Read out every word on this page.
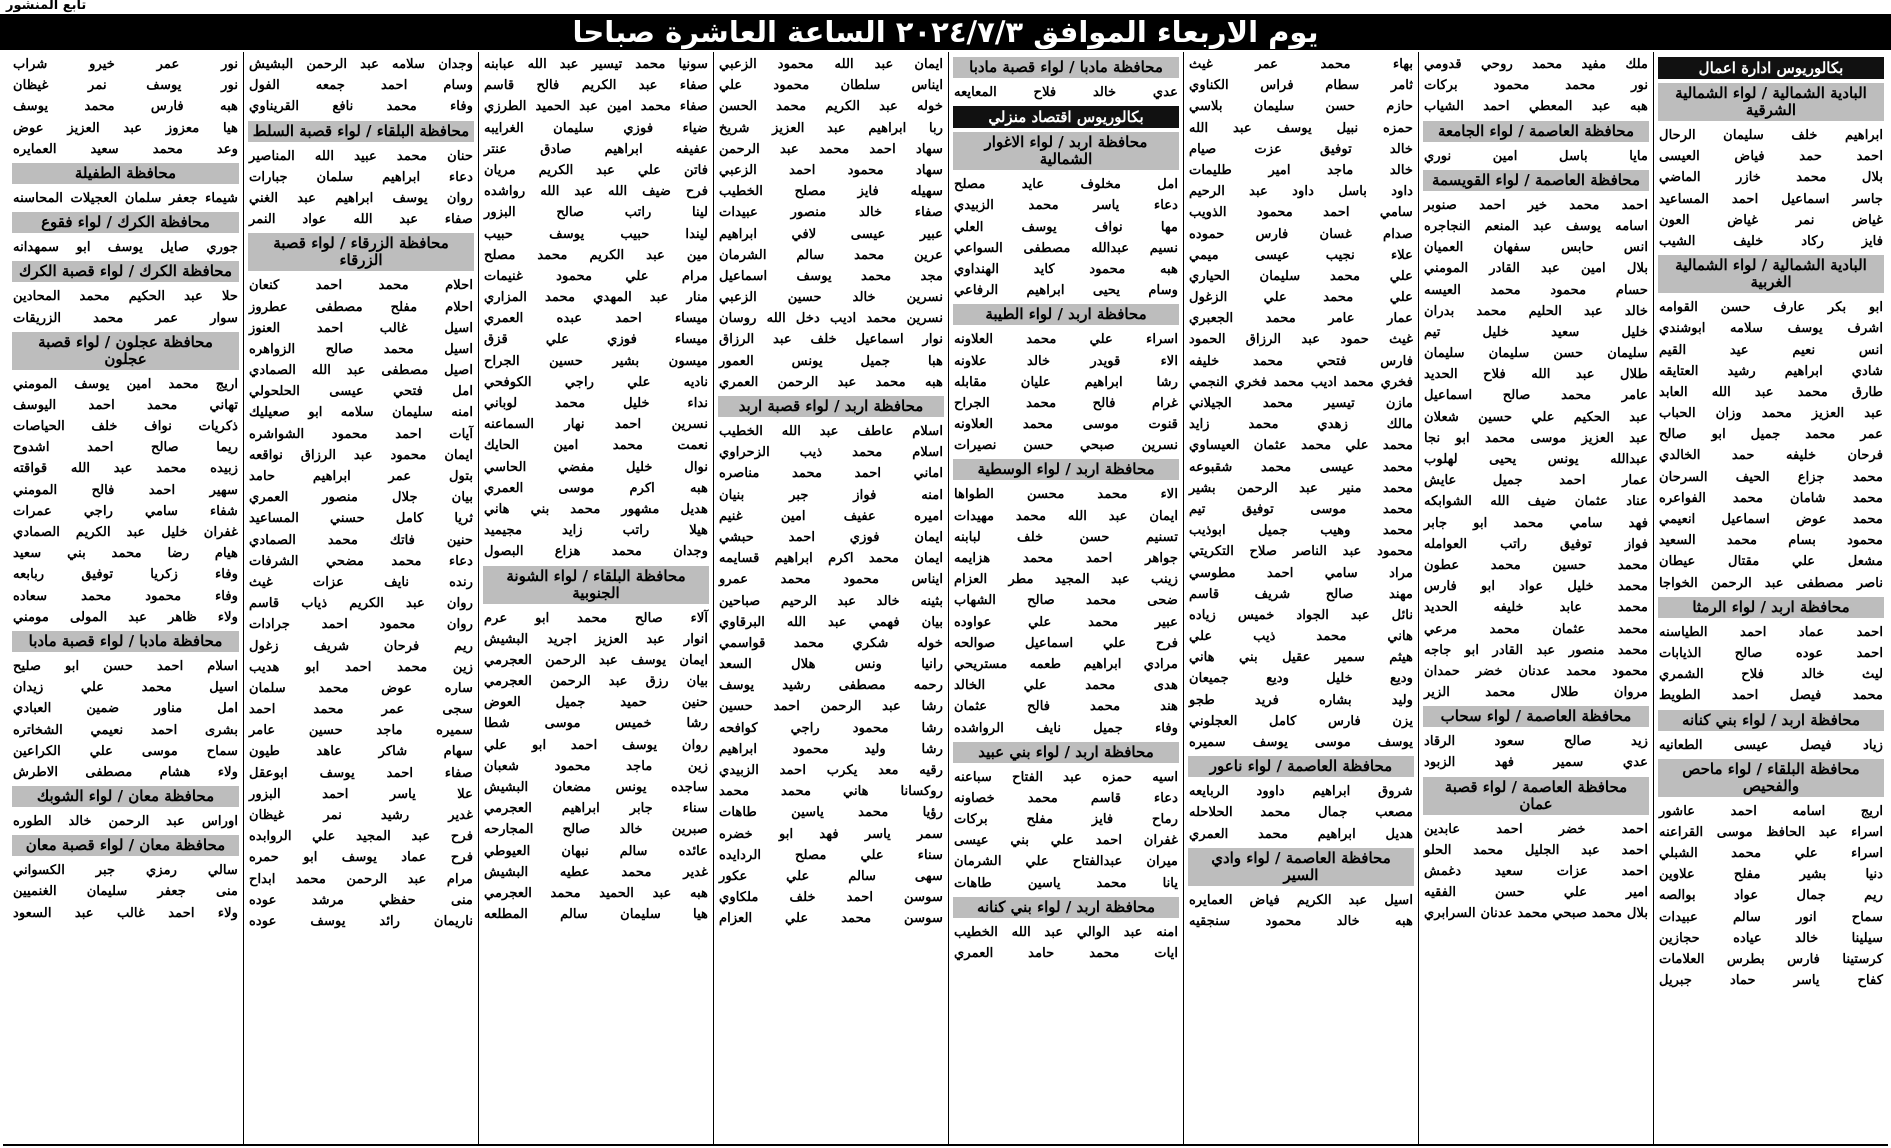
تابع المنشور
يوم الاربعاء الموافق ٢٠٢٤/٧/٣ الساعة العاشرة صباحا
بكالوريوس ادارة اعمال
البادية الشمالية / لواء الشمالية الشرقية
ابراهيم خلف سليمان الرحال
احمد حمد فياض العيسى
بلال محمد خازر الماضي
جاسر اسماعيل احمد المساعيد
غياض نمر غياض العون
فايز ركاد خليف الشيب
البادية الشمالية / لواء الشمالية الغربية
ابو بكر عارف حسن القوامه
اشرف يوسف سلامه ابوشندي
انس نعيم عيد القيم
شادي ابراهيم رشيد العتايقه
طارق محمد عبد الله العابد
عبد العزيز محمد وزان الحباب
عمر محمد جميل ابو صالح
فرحان خليفه حمد الخالدي
محمد جزاع الحيف السرحان
محمد شامان محمد الفواعره
محمد عوض اسماعيل انعيمي
محمود بسام محمد السعيد
مشعل علي مقتال عيطان
ناصر مصطفى عبد الرحمن الخواجا
محافظة اربد / لواء الرمثا
احمد عماد احمد الطياسنه
احمد عوده صالح الذيابات
ليث خالد فلاح الشمري
محمد فيصل احمد الطويط
محافظة اربد / لواء بني كنانه
زياد فيصل عيسى الطعانيه
محافظة البلقاء / لواء ماحص والفحيص
اريج اسامه احمد عاشور
اسراء عبد الحافظ موسى القراعنه
اسراء علي محمد الشبلي
دنيا بشير مفلح علاوين
ريم جمال عواد بوالصه
سماح انور سالم عبيدات
سيلينا خالد عياده حجازين
كرستينا فارس بطرس العلامات
كفاح ياسر حماد جبريل
ملك مفيد محمد روحي قدومي
نور محمد محمود بركات
هبه عبد المعطي احمد الشياب
محافظة العاصمة / لواء الجامعة
مايا باسل امين نوري
محافظة العاصمة / لواء القويسمة
احمد محمد خير احمد صنوبر
اسامه يوسف عبد المنعم النجاجره
انس حابس سفهان العميان
بلال امين عبد القادر المومني
حسام محمود محمد العيسه
خالد عبد الحليم محمد بدران
خليل سعيد خليل تيم
سليمان حسن سليمان سليمان
طلال عبد الله فلاح الحديد
عامر محمد صالح اسماعيل
عبد الحكيم علي حسين شعلان
عبد العزيز موسى محمد ابو نجا
عبدالله يونس يحيى لهلوب
عمار احمد جميل عايش
عناد عثمان ضيف الله الشوابكه
فهد سامي محمد ابو جابر
فواز توفيق راتب العوامله
محمد حسين محمد عطون
محمد خليل عواد ابو فارس
محمد عابد خليفه الحديد
محمد عثمان محمد مرعي
محمد منصور عبد القادر ابو جاجه
محمود محمد عدنان خضر حمدان
مروان طلال محمد الزير
محافظة العاصمة / لواء سحاب
زيد صالح سعود الرقاد
عدي سمير فهد الزبود
محافظة العاصمة / لواء قصبة عمان
احمد خضر احمد عابدين
احمد عبد الجليل محمد الحلو
احمد عزات سعيد دغمش
امير علي حسن الفقيه
بلال محمد صبحي محمد عدنان السرابري
بهاء محمد عمر غيث
ثامر سطام فراس الكناوي
حازم حسن سليمان بلاسي
حمزه نبيل يوسف عبد الله
خالد توفيق عزت صيام
خالد ماجد امير طليمات
داود باسل داود عبد الرحيم
سامي احمد محمود الذويب
صدام غسان فارس حموده
علاء نجيب عيسى ميمي
علي محمد سليمان الحياري
علي محمد علي الزغول
عمار عامر محمد الجعبري
غيث حمود عبد الرزاق الحمود
فارس فتحي محمد خليفه
فخري محمد اديب محمد فخري النجمي
مازن تيسير محمد الجيلاني
مالك زهدي محمد زايد
محمد علي محمد عثمان العيساوي
محمد عيسى محمد شقبوعه
محمد منير عبد الرحمن بشير
محمد موسى توفيق تيم
محمد وهيب جميل ابوذيب
محمود عبد الناصر صلاح التكريتي
مراد سامي احمد مطوسي
مهند صالح شريف قاسم
نائل عبد الجواد خميس زياده
هاني محمد ذيب علي
هيثم سمير عقيل بني هاني
وديع خليل وديع جميعان
وليد بشاره فريد طجو
يزن فارس كامل العجلوني
يوسف موسى يوسف سميره
محافظة العاصمة / لواء ناعور
شروق ابراهيم داوود الربايعه
مصعب جمال محمد الحلاحله
هديل ابراهيم محمد العمري
محافظة العاصمة / لواء وادي السير
اسيل عبد الكريم فياض العمايره
هبه خالد محمود سنجقيه
محافظة مادبا / لواء قصبة مادبا
عدي خالد فلاح المعايعه
بكالوريوس اقتصاد منزلي
محافظة اربد / لواء الاغوار الشمالية
امل مخلوف عايد مصلح
دعاء ياسر محمد الزبيدي
مها نواف يوسف العلي
نسيم عبدالله مصطفى السواعي
هبه محمود كايد الهنداوي
وسام يحيى ابراهيم الرفاعي
محافظة اربد / لواء الطيبة
اسراء علي محمد العلاونه
الاء قويدر خالد علاونه
رشا ابراهيم عليان مقابله
غرام فالح محمد الجراح
قنوت موسى محمد العلاونه
نسرين صبحي حسن نصيرات
محافظة اربد / لواء الوسطية
الاء محمد محسن الطواها
ايمان عبد الله محمد مهيدات
تسنيم حسن خلف لبابنه
جواهر احمد محمد هزايمه
زينب عبد المجيد مطر العزام
ضحى محمد صالح الشهاب
عبير محمد علي عواوده
فرح علي اسماعيل صوالحه
مرادي ابراهيم طعمه مستريحي
هدى محمد علي الخالد
هند محمد فالح عثمان
وفاء جميل نايف الرواشده
محافظة اربد / لواء بني عبيد
اسيه حمزه عبد الفتاح سباعنه
دعاء قاسم محمد خصاونه
رماح فايز مفلح بركات
غفران احمد علي بني عيسى
ميران عبدالفتاح علي الشرمان
يانا محمد ياسين طاهات
محافظة اربد / لواء بني كنانه
امنه عبد الوالي عبد الله الخطيب
ايات محمد حامد العمري
ايمان عبد الله محمود الزعبي
ايناس سلطان محمود علي
خوله عبد الكريم محمد الحسن
ربا ابراهيم عبد العزيز شريخ
سهاد احمد محمد عبد الرحمن
سهاد محمود احمد الزعبي
سهيله فايز مصلح الخطيب
صفاء خالد منصور عبيدات
عبير عيسى لافي ابراهيم
عرين محمد سالم الشرمان
مجد محمد يوسف اسماعيل
نسرين خالد حسين الزعبي
نسرين محمد اديب دخل الله روسان
نوار اسماعيل خلف عبد الرزاق
هبا جميل يونس العمور
هبه محمد عبد الرحمن العمري
محافظة اربد / لواء قصبة اربد
اسلام عاطف عبد الله الخطيب
اسلام محمد ذيب الزحراوي
اماني احمد محمد مناصره
امنه فواز جبر بنيان
اميره عفيف امين غنيم
ايمان فوزي احمد حبشي
ايمان محمد اكرم ابراهيم قسايمه
ايناس محمود محمد عمرو
بثينه خالد عبد الرحيم صباحين
بيان فهمي عبد الله البرقاوي
خوله شكري محمد قواسمي
رانيا ونس هلال السعد
رحمه مصطفى رشيد يوسف
رشا عبد الرحمن احمد حسين
رشا محمود راجي كوافحه
رشا وليد محمود ابراهيم
رقيه معد يكرب احمد الزبيدي
روكسانا هاني محمد محمد
رؤيا محمد ياسين طاهات
سمر ياسر فهد ابو خضره
سناء علي مصلح الردايده
سهى سالم علي عكور
سوسن احمد خلف ملكاوي
سوسن محمد علي العزام
سونيا محمد تيسير عبد الله عبابنه
صفاء عبد الكريم فالح قاسم
صفاء محمد امين عبد الحميد الطرزي
ضياء فوزي سليمان الغرايبه
عفيفه ابراهيم صادق عنتر
فاتن علي عبد الكريم مريان
فرح ضيف الله عبد الله رواشده
لينا راتب صالح البزور
ليندا حبيب يوسف حبيب
مين عبد الكريم محمد مصلح
مرام علي محمود غنيمات
منار عبد المهدي محمد المزاري
ميساء احمد عبده العمري
ميساء فوزي علي قزق
ميسون بشير حسين الجراح
ناديه علي راجي الكوفحي
نداء خليل محمد لوباني
نسرين احمد نهار السماعنه
نعمت محمد امين الحايك
نوال خليل مفضي الحاسي
هبه اكرم موسى العمري
هديل مشهور محمد بني هاني
هيلا راتب زايد مجيميد
وجدان محمد هزاع البصول
محافظة البلقاء / لواء الشونة الجنوبية
آلاء صالح محمد ابو عرم
انوار عبد العزيز اجريد البشيش
ايمان يوسف عبد الرحمن العجرمي
بيان رزق عبد الرحمن العجرمي
حنين حميد جميل العوض
رشا خميس موسى شطا
روان يوسف احمد ابو علي
زين ماجد محمود شعبان
ساجده يونس مضعان البشيش
سناء جابر ابراهيم العجرمي
صبرين خالد صالح المجارحه
عائده سالم نبهان العيوطي
غدير محمد عطيه البشيش
هبه عبد الحميد محمد العجرمي
هيا سليمان سالم المطلعه
وجدان سلامه عبد الرحمن البشيش
وسام احمد جمعه الفول
وفاء محمد نافع القريناوي
محافظة البلقاء / لواء قصبة السلط
حنان محمد عبيد الله المناصير
دعاء ابراهيم سلمان جبارات
روان يوسف ابراهيم عبد الغني
صفاء عبد الله عواد النمر
محافظة الزرقاء / لواء قصبة الزرقاء
احلام محمد احمد كنعان
احلام مفلح مصطفى عطروز
اسيل غالب احمد العنوز
اسيل محمد صالح الزواهره
اصيل مصطفى عبد الله الصمادي
امل فتحي عيسى الحلحولي
امنه سليمان سلامه ابو صعيليك
آيات احمد محمود الشواشره
ايمان محمود عبد الرزاق نواقعه
بتول عمر ابراهيم حامد
بيان جلال منصور العمري
ثريا كامل حسني المساعيد
حنين فاتك محمد الصمادي
دعاء محمد مضحي الشرفات
رنده نايف عزات غيث
روان عبد الكريم ذياب قاسم
روان محمود احمد جرادات
ريم فرحان شريف زغول
زين محمد احمد ابو هديب
ساره عوض محمد سلمان
سجى عمر محمد احمد
سميره ماجد حسين عامر
سهام شاكر عاهد طيون
صفاء احمد يوسف ابوعقل
علا ياسر احمد البزور
غدير رشيد نمر غيظان
فرح عبد المجيد علي الروابده
فرح عماد يوسف ابو حمره
مرام عبد الرحمن محمد ابداح
منى حفظي مرشد عوده
ناريمان رائد يوسف عوده
نور عمر خيرو شراب
نور يوسف نمر غيظان
هبه فارس محمد يوسف
هيا معزوز عبد العزيز عوض
وعد محمد سعيد العمايره
محافظة الطفيلة
شيماء جعفر سلمان العجيلات المحاسنه
محافظة الكرك / لواء فقوع
جوري صايل يوسف ابو سمهدانه
محافظة الكرك / لواء قصبة الكرك
حلا عبد الحكيم محمد المحادين
سوار عمر محمد الزريقات
محافظة عجلون / لواء قصبة عجلون
اريج محمد امين يوسف المومني
تهاني محمد احمد اليوسف
ذكريات نواف خلف الحياصات
ريما صالح احمد اشدوح
زبيده محمد عبد الله قواقته
سهير احمد فالح المومني
شفاء سامي راجي عمرات
غفران خليل عبد الكريم الصمادي
هيام رضا محمد بني سعيد
وفاء زكريا توفيق ربابعه
وفاء محمود محمد سعاده
ولاء ظاهر عبد المولى مومني
محافظة مادبا / لواء قصبة مادبا
اسلام احمد حسن ابو صليح
اسيل محمد علي زيدان
امل مناور ضمين العبادي
بشرى احمد نعيمي الشخاتره
سماح موسى علي الكراعين
ولاء هشام مصطفى الاطرش
محافظة معان / لواء الشوبك
اوراس عبد الرحمن خالد الطوره
محافظة معان / لواء قصبة معان
سالي رمزي جبر الكسواني
منى جعفر سليمان الغنميين
ولاء احمد غالب عبد السعود
